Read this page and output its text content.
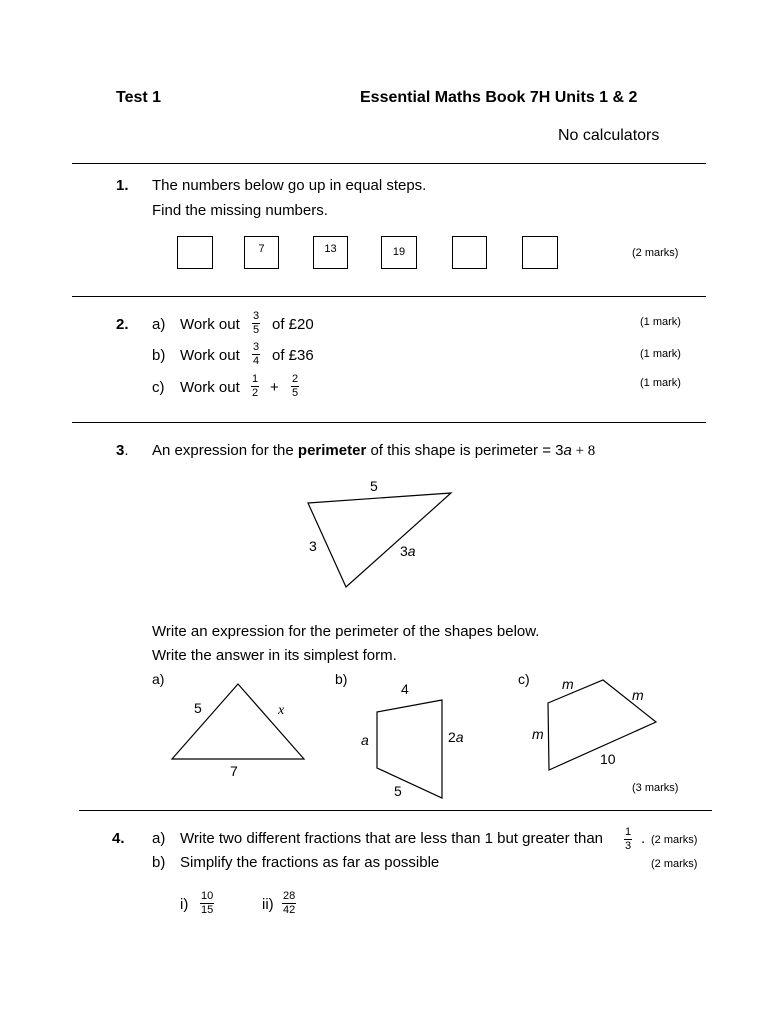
Test 1	Essential Maths Book 7H Units 1 & 2
No calculators
1. The numbers below go up in equal steps.
Find the missing numbers.
7	13	19	(2 marks)
2. a) Work out 3
5 of £20	(1 mark)
b) Work out 3
4 of £36	(1 mark)
c) Work out 1
2 + 2
5
(1 mark)
3. An expression for the perimeter of this shape is perimeter = 3a + 8
5
3	3a
Write an expression for the perimeter of the shapes below.
Write the answer in its simplest form.
a)
5	x
7
b)
4
a	2a
5
c) m
m
m
10
(3 marks)
4. a) Write two different fractions that are less than 1 but greater than 1
3 . (2 marks)
b) Simplify the fractions as far as possible	(2 marks)
i) 10
15	ii) 28
42
